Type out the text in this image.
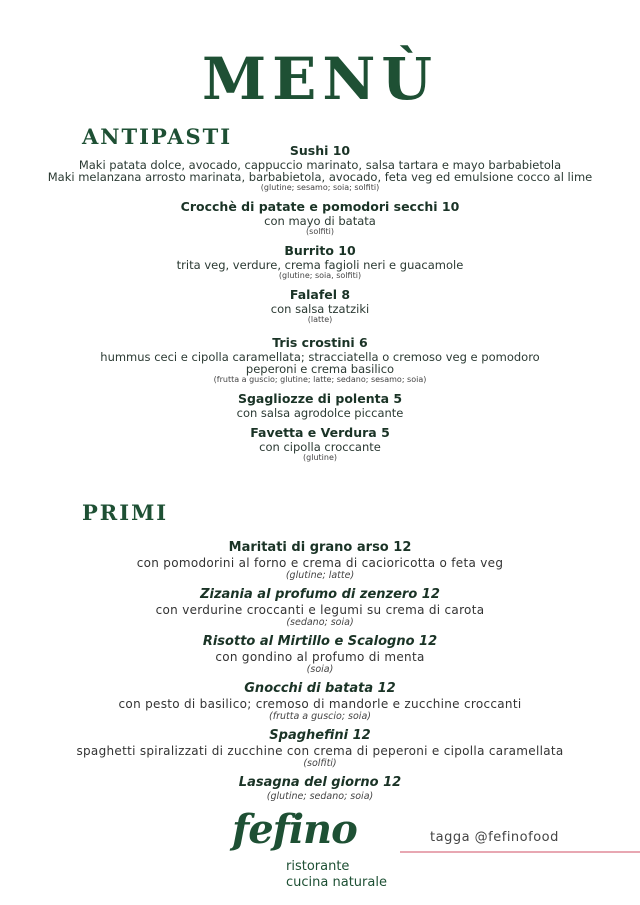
MENÙ
ANTIPASTI
Sushi 10
Maki patata dolce, avocado, cappuccio marinato, salsa tartara e mayo barbabietola
Maki melanzana arrosto marinata, barbabietola, avocado, feta veg ed emulsione cocco al lime
(glutine; sesamo; soia; solfiti)
Crocchè di patate e pomodori secchi 10
con mayo di batata
(solfiti)
Burrito 10
trita veg, verdure, crema fagioli neri e guacamole
(glutine; soia, solfiti)
Falafel 8
con salsa tzatziki
(latte)
Tris crostini 6
hummus ceci e cipolla caramellata; stracciatella o cremoso veg e pomodoro
peperoni e crema basilico
(frutta a guscio; glutine; latte; sedano; sesamo; soia)
Sgagliozze di polenta 5
con salsa agrodolce piccante
Favetta e Verdura 5
con cipolla croccante
(glutine)
PRIMI
Maritati di grano arso 12
con pomodorini al forno e crema di cacioricotta o feta veg
(glutine; latte)
Zizania al profumo di zenzero 12
con verdurine croccanti e legumi su crema di carota
(sedano; soia)
Risotto al Mirtillo e Scalogno 12
con gondino al profumo di menta
(soia)
Gnocchi di batata 12
con pesto di basilico; cremoso di mandorle e zucchine croccanti
(frutta a guscio; soia)
Spaghefini 12
spaghetti spiralizzati di zucchine con crema di peperoni e cipolla caramellata
(solfiti)
Lasagna del giorno 12
(glutine; sedano; soia)
fefino
ristorante
cucina naturale
tagga @fefinofood
